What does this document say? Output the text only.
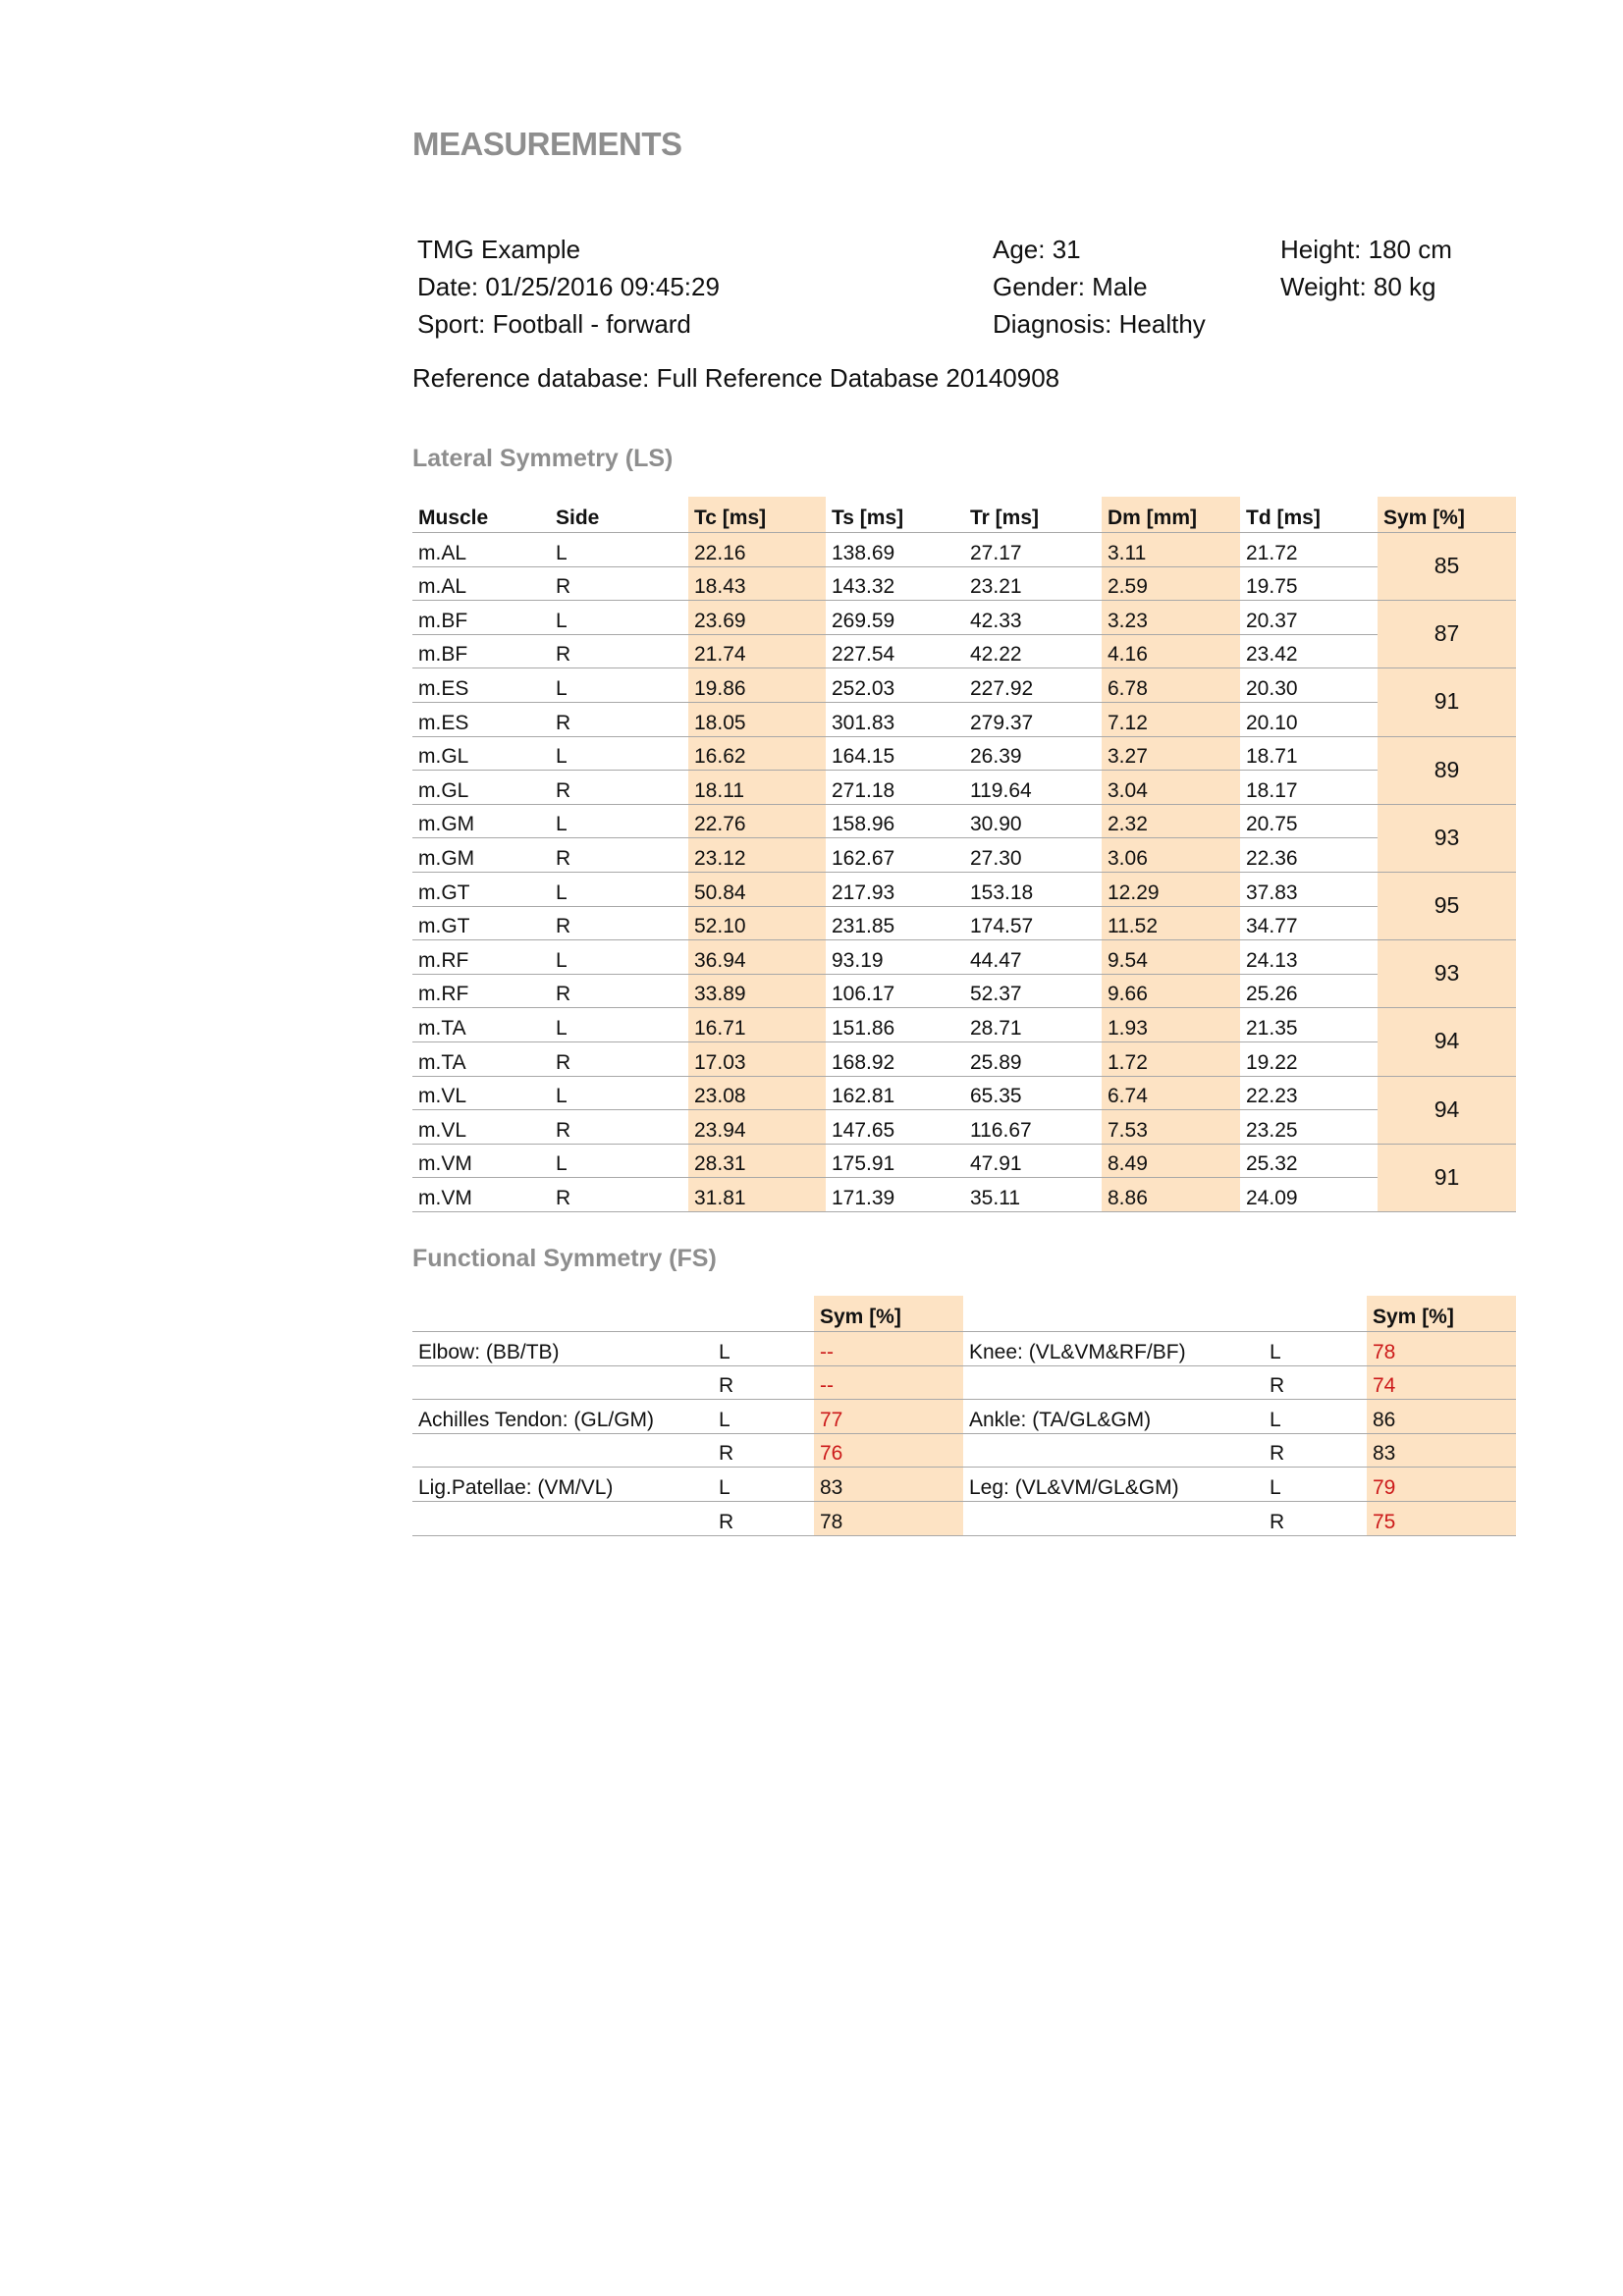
MEASUREMENTS
TMG Example
Date: 01/25/2016 09:45:29
Sport: Football - forward
Age: 31
Gender: Male
Diagnosis: Healthy
Height: 180 cm
Weight: 80 kg
Reference database: Full Reference Database 20140908
Lateral Symmetry (LS)
Muscle	Side	Tc [ms]	Ts [ms]	Tr [ms]	Dm [mm]	Td [ms]	Sym [%]
m.AL	L	22.16	138.69	27.17	3.11	21.72	85
m.AL	R	18.43	143.32	23.21	2.59	19.75	
m.BF	L	23.69	269.59	42.33	3.23	20.37	87
m.BF	R	21.74	227.54	42.22	4.16	23.42	
m.ES	L	19.86	252.03	227.92	6.78	20.30	91
m.ES	R	18.05	301.83	279.37	7.12	20.10	
m.GL	L	16.62	164.15	26.39	3.27	18.71	89
m.GL	R	18.11	271.18	119.64	3.04	18.17	
m.GM	L	22.76	158.96	30.90	2.32	20.75	93
m.GM	R	23.12	162.67	27.30	3.06	22.36	
m.GT	L	50.84	217.93	153.18	12.29	37.83	95
m.GT	R	52.10	231.85	174.57	11.52	34.77	
m.RF	L	36.94	93.19	44.47	9.54	24.13	93
m.RF	R	33.89	106.17	52.37	9.66	25.26	
m.TA	L	16.71	151.86	28.71	1.93	21.35	94
m.TA	R	17.03	168.92	25.89	1.72	19.22	
m.VL	L	23.08	162.81	65.35	6.74	22.23	94
m.VL	R	23.94	147.65	116.67	7.53	23.25	
m.VM	L	28.31	175.91	47.91	8.49	25.32	91
m.VM	R	31.81	171.39	35.11	8.86	24.09	
Functional Symmetry (FS)
		Sym [%]			Sym [%]
Elbow: (BB/TB)	L	--	Knee: (VL&VM&RF/BF)	L	78
	R	--		R	74
Achilles Tendon: (GL/GM)	L	77	Ankle: (TA/GL&GM)	L	86
	R	76		R	83
Lig.Patellae: (VM/VL)	L	83	Leg: (VL&VM/GL&GM)	L	79
	R	78		R	75
